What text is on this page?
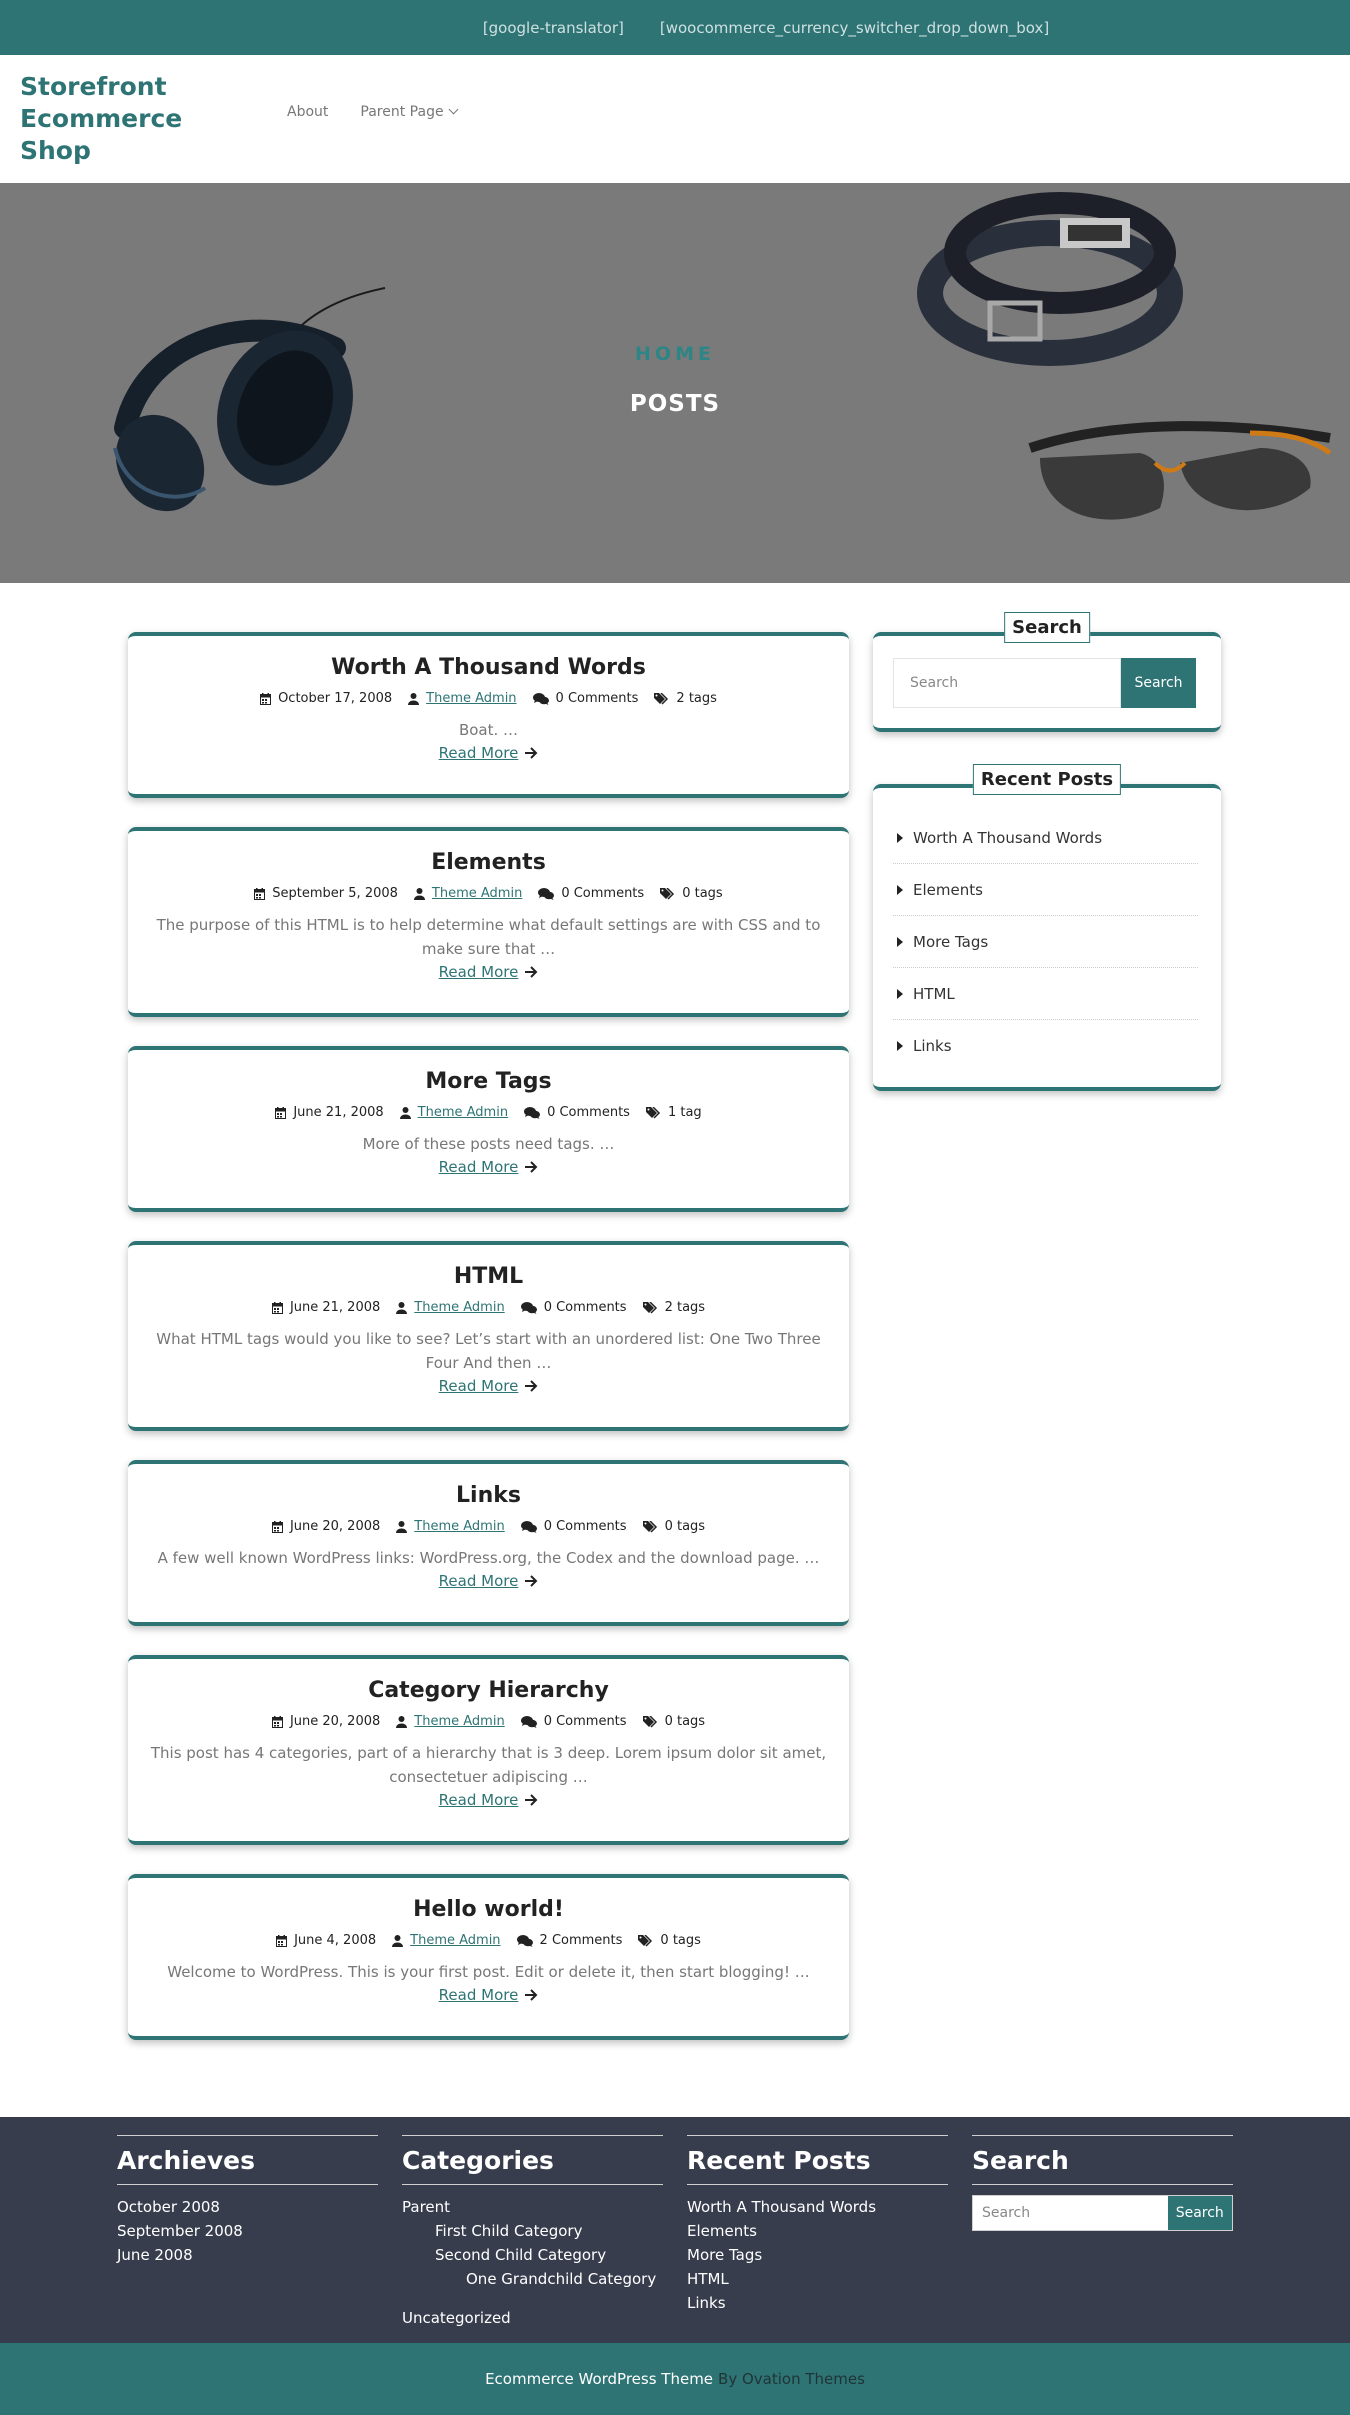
[google-translator] [woocommerce_currency_switcher_drop_down_box]
Storefront Ecommerce Shop
About Parent Page
HOME
POSTS
Worth A Thousand Words
October 17, 2008	Theme Admin	0 Comments	2 tags
Boat. …
Read More
Elements
September 5, 2008	Theme Admin	0 Comments	0 tags
The purpose of this HTML is to help determine what default settings are with CSS and to make sure that …
Read More
More Tags
June 21, 2008	Theme Admin	0 Comments	1 tag
More of these posts need tags. …
Read More
HTML
June 21, 2008	Theme Admin	0 Comments	2 tags
What HTML tags would you like to see? Let’s start with an unordered list: One Two Three Four And then …
Read More
Links
June 20, 2008	Theme Admin	0 Comments	0 tags
A few well known WordPress links: WordPress.org, the Codex and the download page. …
Read More
Category Hierarchy
June 20, 2008	Theme Admin	0 Comments	0 tags
This post has 4 categories, part of a hierarchy that is 3 deep. Lorem ipsum dolor sit amet, consectetuer adipiscing …
Read More
Hello world!
June 4, 2008	Theme Admin	2 Comments	0 tags
Welcome to WordPress. This is your first post. Edit or delete it, then start blogging! …
Read More
Search
Search	Search
Recent Posts
Worth A Thousand Words
Elements
More Tags
HTML
Links
Archieves
October 2008
September 2008
June 2008
Categories
Parent
First Child Category
Second Child Category
One Grandchild Category
Uncategorized
Recent Posts
Worth A Thousand Words
Elements
More Tags
HTML
Links
Search
Search	Search
Ecommerce WordPress Theme By Ovation Themes
